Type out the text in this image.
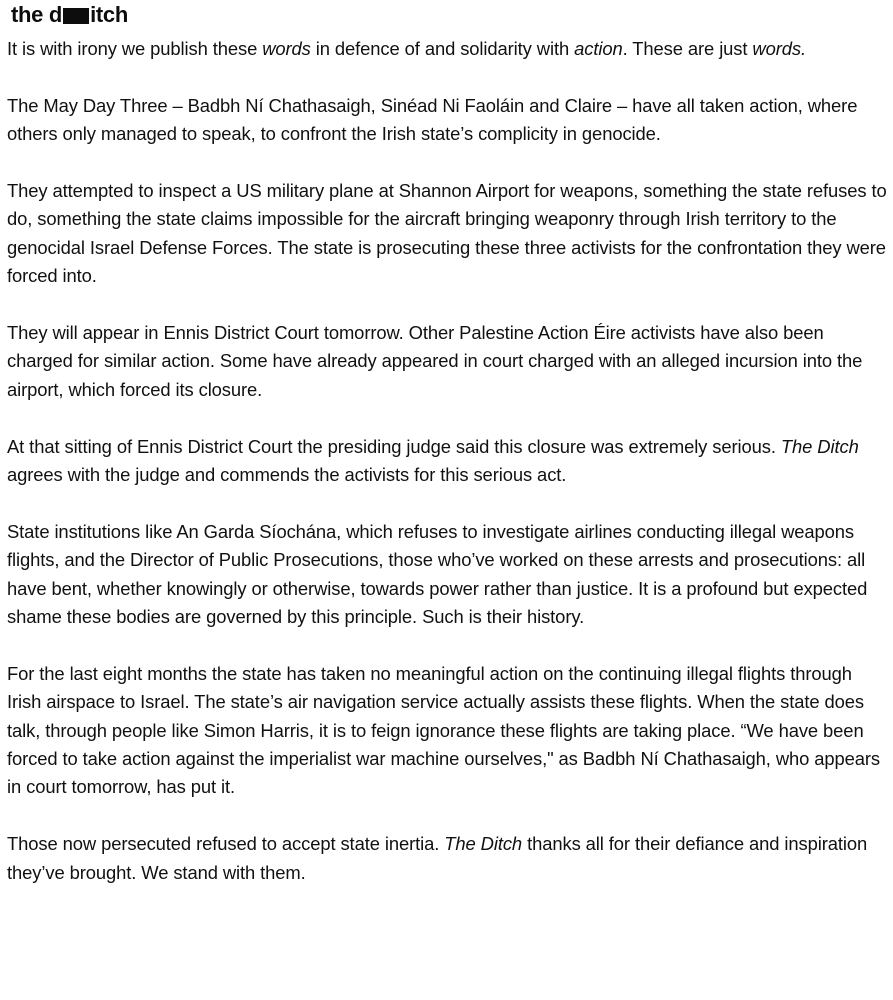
the d itch

It is with irony we publish these words in defence of and solidarity with action. These are just words.

The May Day Three – Badbh Ní Chathasaigh, Sinéad Ni Faoláin and Claire – have all taken action, where others only managed to speak, to confront the Irish state’s complicity in genocide.

They attempted to inspect a US military plane at Shannon Airport for weapons, something the state refuses to do, something the state claims impossible for the aircraft bringing weaponry through Irish territory to the genocidal Israel Defense Forces. The state is prosecuting these three activists for the confrontation they were forced into.

They will appear in Ennis District Court tomorrow. Other Palestine Action Éire activists have also been charged for similar action. Some have already appeared in court charged with an alleged incursion into the airport, which forced its closure.

At that sitting of Ennis District Court the presiding judge said this closure was extremely serious. The Ditch agrees with the judge and commends the activists for this serious act.

State institutions like An Garda Síochána, which refuses to investigate airlines conducting illegal weapons flights, and the Director of Public Prosecutions, those who’ve worked on these arrests and prosecutions: all have bent, whether knowingly or otherwise, towards power rather than justice. It is a profound but expected shame these bodies are governed by this principle. Such is their history.

For the last eight months the state has taken no meaningful action on the continuing illegal flights through Irish airspace to Israel. The state’s air navigation service actually assists these flights. When the state does talk, through people like Simon Harris, it is to feign ignorance these flights are taking place. “We have been forced to take action against the imperialist war machine ourselves," as Badbh Ní Chathasaigh, who appears in court tomorrow, has put it.

Those now persecuted refused to accept state inertia. The Ditch thanks all for their defiance and inspiration they’ve brought. We stand with them.
